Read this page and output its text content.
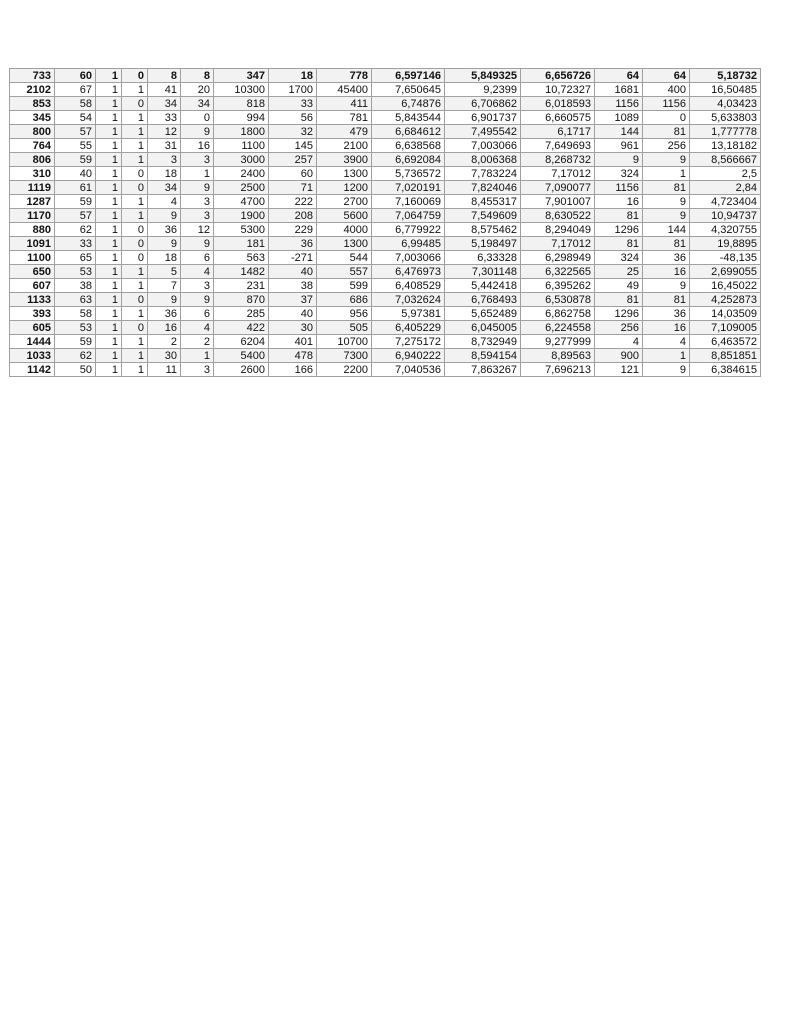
733	60	1	0	8	8	347	18	778	6,597146	5,849325	6,656726	64	64	5,18732
2102	67	1	1	41	20	10300	1700	45400	7,650645	9,2399	10,72327	1681	400	16,50485
853	58	1	0	34	34	818	33	411	6,74876	6,706862	6,018593	1156	1156	4,03423
345	54	1	1	33	0	994	56	781	5,843544	6,901737	6,660575	1089	0	5,633803
800	57	1	1	12	9	1800	32	479	6,684612	7,495542	6,1717	144	81	1,777778
764	55	1	1	31	16	1100	145	2100	6,638568	7,003066	7,649693	961	256	13,18182
806	59	1	1	3	3	3000	257	3900	6,692084	8,006368	8,268732	9	9	8,566667
310	40	1	0	18	1	2400	60	1300	5,736572	7,783224	7,17012	324	1	2,5
1119	61	1	0	34	9	2500	71	1200	7,020191	7,824046	7,090077	1156	81	2,84
1287	59	1	1	4	3	4700	222	2700	7,160069	8,455317	7,901007	16	9	4,723404
1170	57	1	1	9	3	1900	208	5600	7,064759	7,549609	8,630522	81	9	10,94737
880	62	1	0	36	12	5300	229	4000	6,779922	8,575462	8,294049	1296	144	4,320755
1091	33	1	0	9	9	181	36	1300	6,99485	5,198497	7,17012	81	81	19,8895
1100	65	1	0	18	6	563	-271	544	7,003066	6,33328	6,298949	324	36	-48,135
650	53	1	1	5	4	1482	40	557	6,476973	7,301148	6,322565	25	16	2,699055
607	38	1	1	7	3	231	38	599	6,408529	5,442418	6,395262	49	9	16,45022
1133	63	1	0	9	9	870	37	686	7,032624	6,768493	6,530878	81	81	4,252873
393	58	1	1	36	6	285	40	956	5,97381	5,652489	6,862758	1296	36	14,03509
605	53	1	0	16	4	422	30	505	6,405229	6,045005	6,224558	256	16	7,109005
1444	59	1	1	2	2	6204	401	10700	7,275172	8,732949	9,277999	4	4	6,463572
1033	62	1	1	30	1	5400	478	7300	6,940222	8,594154	8,89563	900	1	8,851851
1142	50	1	1	11	3	2600	166	2200	7,040536	7,863267	7,696213	121	9	6,384615
